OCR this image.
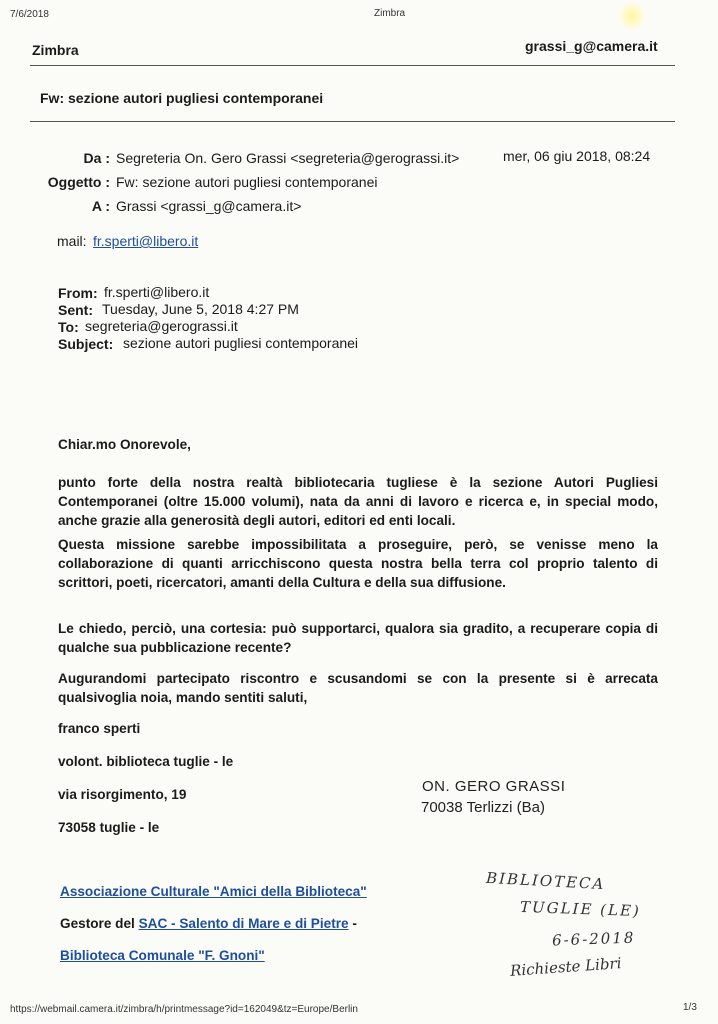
7/6/2018	Zimbra
Zimbra	grassi_g@camera.it
Fw: sezione autori pugliesi contemporanei
Da : Segreteria On. Gero Grassi <segreteria@gerograssi.it>	mer, 06 giu 2018, 08:24
Oggetto : Fw: sezione autori pugliesi contemporanei
A : Grassi <grassi_g@camera.it>
mail: fr.sperti@libero.it
From: fr.sperti@libero.it
Sent: Tuesday, June 5, 2018 4:27 PM
To: segreteria@gerograssi.it
Subject: sezione autori pugliesi contemporanei
Chiar.mo Onorevole,
punto forte della nostra realtà bibliotecaria tugliese è la sezione Autori Pugliesi Contemporanei (oltre 15.000 volumi), nata da anni di lavoro e ricerca e, in special modo, anche grazie alla generosità degli autori, editori ed enti locali.
Questa missione sarebbe impossibilitata a proseguire, però, se venisse meno la collaborazione di quanti arricchiscono questa nostra bella terra col proprio talento di scrittori, poeti, ricercatori, amanti della Cultura e della sua diffusione.
Le chiedo, perciò, una cortesia: può supportarci, qualora sia gradito, a recuperare copia di qualche sua pubblicazione recente?
Augurandomi partecipato riscontro e scusandomi se con la presente si è arrecata qualsivoglia noia, mando sentiti saluti,
franco sperti
volont. biblioteca tuglie - le
via risorgimento, 19
73058 tuglie - le
ON. GERO GRASSI
70038 Terlizzi (Ba)
Associazione Culturale "Amici della Biblioteca"
Gestore del SAC - Salento di Mare e di Pietre -
Biblioteca Comunale "F. Gnoni"
BIBLIOTECA
TUGLIE (LE)
6-6-2018
Richieste Libri
https://webmail.camera.it/zimbra/h/printmessage?id=162049&tz=Europe/Berlin	1/3
